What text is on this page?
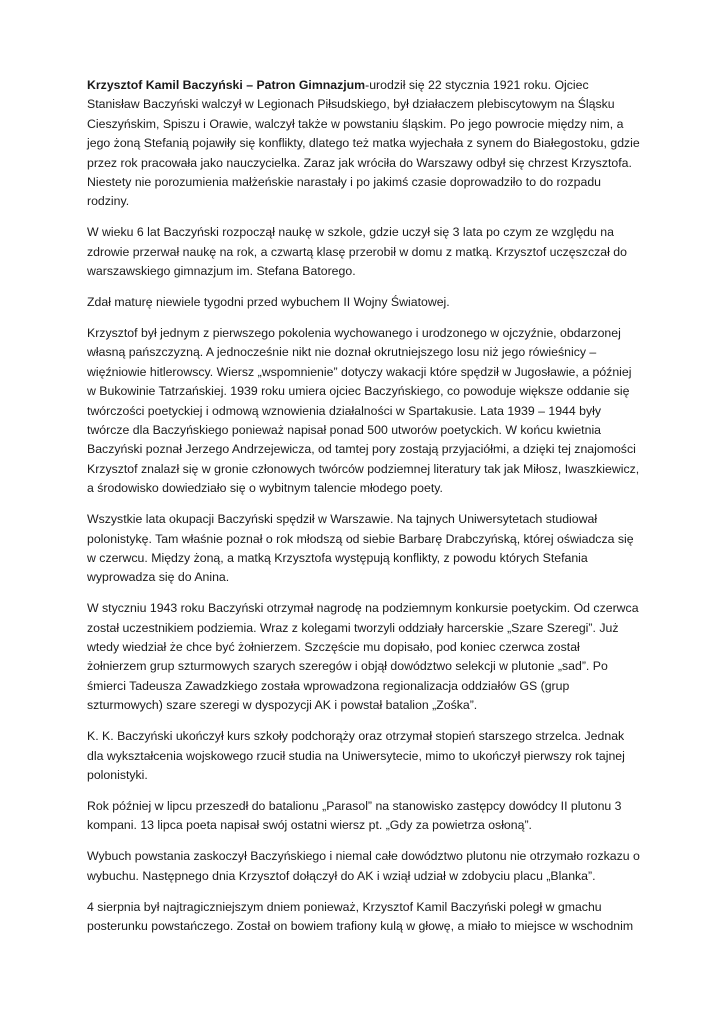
Krzysztof Kamil Baczyński – Patron Gimnazjum-urodził się 22 stycznia 1921 roku. Ojciec Stanisław Baczyński walczył w Legionach Piłsudskiego, był działaczem plebiscytowym na Śląsku Cieszyńskim, Spiszu i Orawie, walczył także w powstaniu śląskim. Po jego powrocie między nim, a jego żoną Stefanią pojawiły się konflikty, dlatego też matka wyjechała z synem do Białegostoku, gdzie przez rok pracowała jako nauczycielka. Zaraz jak wróciła do Warszawy odbył się chrzest Krzysztofa. Niestety nie porozumienia małżeńskie narastały i po jakimś czasie doprowadziło to do rozpadu rodziny.

W wieku 6 lat Baczyński rozpoczął naukę w szkole, gdzie uczył się 3 lata po czym ze względu na zdrowie przerwał naukę na rok, a czwartą klasę przerobił w domu z matką. Krzysztof uczęszczał do warszawskiego gimnazjum im. Stefana Batorego.

Zdał maturę niewiele tygodni przed wybuchem II Wojny Światowej.

Krzysztof był jednym z pierwszego pokolenia wychowanego i urodzonego w ojczyźnie, obdarzonej własną pańszczyzną. A jednocześnie nikt nie doznał okrutniejszego losu niż jego rówieśnicy – więźniowie hitlerowscy. Wiersz „wspomnienie” dotyczy wakacji które spędził w Jugosławie, a później w Bukowinie Tatrzańskiej. 1939 roku umiera ojciec Baczyńskiego, co powoduje większe oddanie się twórczości poetyckiej i odmową wznowienia działalności w Spartakusie. Lata 1939 – 1944 były twórcze dla Baczyńskiego ponieważ napisał ponad 500 utworów poetyckich. W końcu kwietnia Baczyński poznał Jerzego Andrzejewicza, od tamtej pory zostają przyjaciółmi, a dzięki tej znajomości Krzysztof znalazł się w gronie członowych twórców podziemnej literatury tak jak Miłosz, Iwaszkiewicz, a środowisko dowiedziało się o wybitnym talencie młodego poety.

Wszystkie lata okupacji Baczyński spędził w Warszawie. Na tajnych Uniwersytetach studiował polonistykę. Tam właśnie poznał o rok młodszą od siebie Barbarę Drabczyńską, której oświadcza się w czerwcu. Między żoną, a matką Krzysztofa występują konflikty, z powodu których Stefania wyprowadza się do Anina.

W styczniu 1943 roku Baczyński otrzymał nagrodę na podziemnym konkursie poetyckim. Od czerwca został uczestnikiem podziemia. Wraz z kolegami tworzyli oddziały harcerskie „Szare Szeregi”. Już wtedy wiedział że chce być żołnierzem. Szczęście mu dopisało, pod koniec czerwca został żołnierzem grup szturmowych szarych szeregów i objął dowództwo selekcji w plutonie „sad”. Po śmierci Tadeusza Zawadzkiego została wprowadzona regionalizacja oddziałów GS (grup szturmowych) szare szeregi w dyspozycji AK i powstał batalion „Zośka”.

K. K. Baczyński ukończył kurs szkoły podchorąży oraz otrzymał stopień starszego strzelca. Jednak dla wykształcenia wojskowego rzucił studia na Uniwersytecie, mimo to ukończył pierwszy rok tajnej polonistyki.

Rok później w lipcu przeszedł do batalionu „Parasol” na stanowisko zastępcy dowódcy II plutonu 3 kompani. 13 lipca poeta napisał swój ostatni wiersz pt. „Gdy za powietrza osłoną”.

Wybuch powstania zaskoczył Baczyńskiego i niemal całe dowództwo plutonu nie otrzymało rozkazu o wybuchu. Następnego dnia Krzysztof dołączył do AK i wziął udział w zdobyciu placu „Blanka”.

4 sierpnia był najtragiczniejszym dniem ponieważ, Krzysztof Kamil Baczyński poległ w gmachu posterunku powstańczego. Został on bowiem trafiony kulą w głowę, a miało to miejsce w wschodnim
